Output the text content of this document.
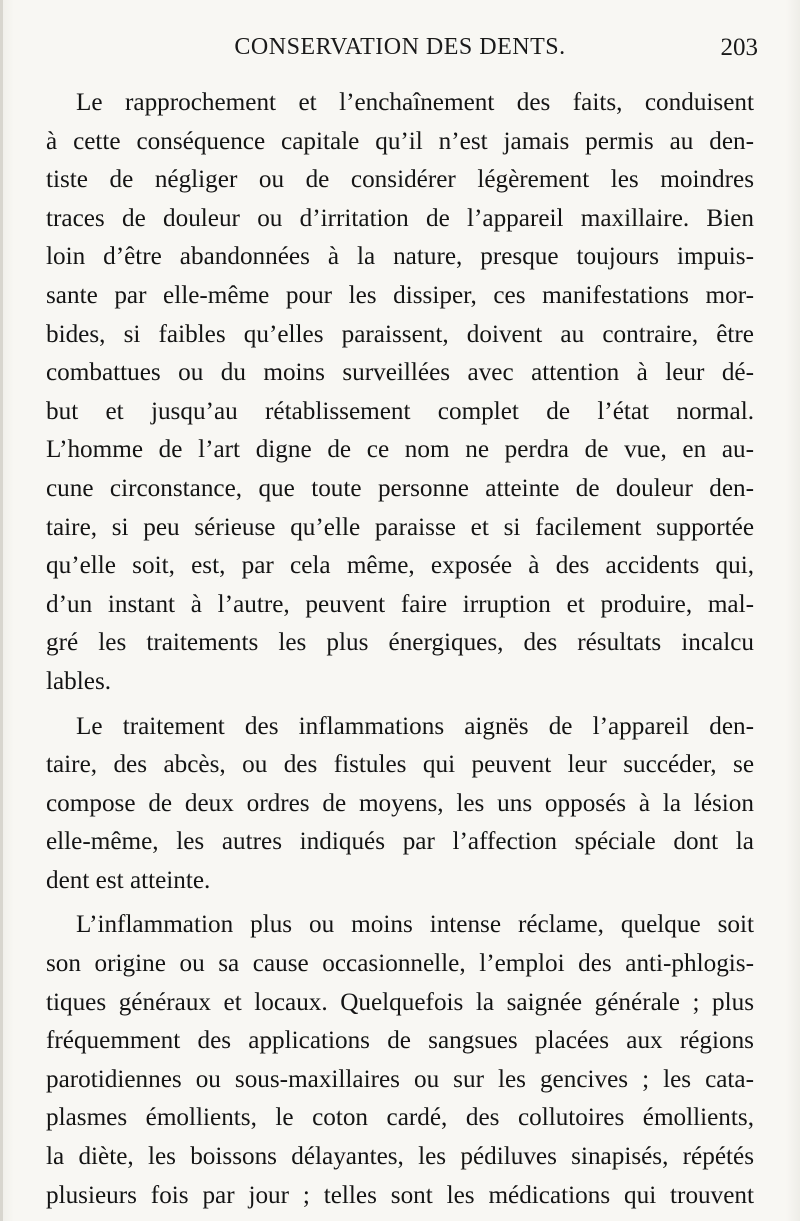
CONSERVATION DES DENTS.	203
Le rapprochement et l’enchaînement des faits, conduisent
à cette conséquence capitale qu’il n’est jamais permis au den-
tiste de négliger ou de considérer légèrement les moindres
traces de douleur ou d’irritation de l’appareil maxillaire. Bien
loin d’être abandonnées à la nature, presque toujours impuis-
sante par elle-même pour les dissiper, ces manifestations mor-
bides, si faibles qu’elles paraissent, doivent au contraire, être
combattues ou du moins surveillées avec attention à leur dé-
but et jusqu’au rétablissement complet de l’état normal.
L’homme de l’art digne de ce nom ne perdra de vue, en au-
cune circonstance, que toute personne atteinte de douleur den-
taire, si peu sérieuse qu’elle paraisse et si facilement supportée
qu’elle soit, est, par cela même, exposée à des accidents qui,
d’un instant à l’autre, peuvent faire irruption et produire, mal-
gré les traitements les plus énergiques, des résultats incalcu
lables.
Le traitement des inflammations aignës de l’appareil den-
taire, des abcès, ou des fistules qui peuvent leur succéder, se
compose de deux ordres de moyens, les uns opposés à la lésion
elle-même, les autres indiqués par l’affection spéciale dont la
dent est atteinte.
L’inflammation plus ou moins intense réclame, quelque soit
son origine ou sa cause occasionnelle, l’emploi des anti-phlogis-
tiques généraux et locaux. Quelquefois la saignée générale ; plus
fréquemment des applications de sangsues placées aux régions
parotidiennes ou sous-maxillaires ou sur les gencives ; les cata-
plasmes émollients, le coton cardé, des collutoires émollients,
la diète, les boissons délayantes, les pédiluves sinapisés, répétés
plusieurs fois par jour ; telles sont les médications qui trouvent
